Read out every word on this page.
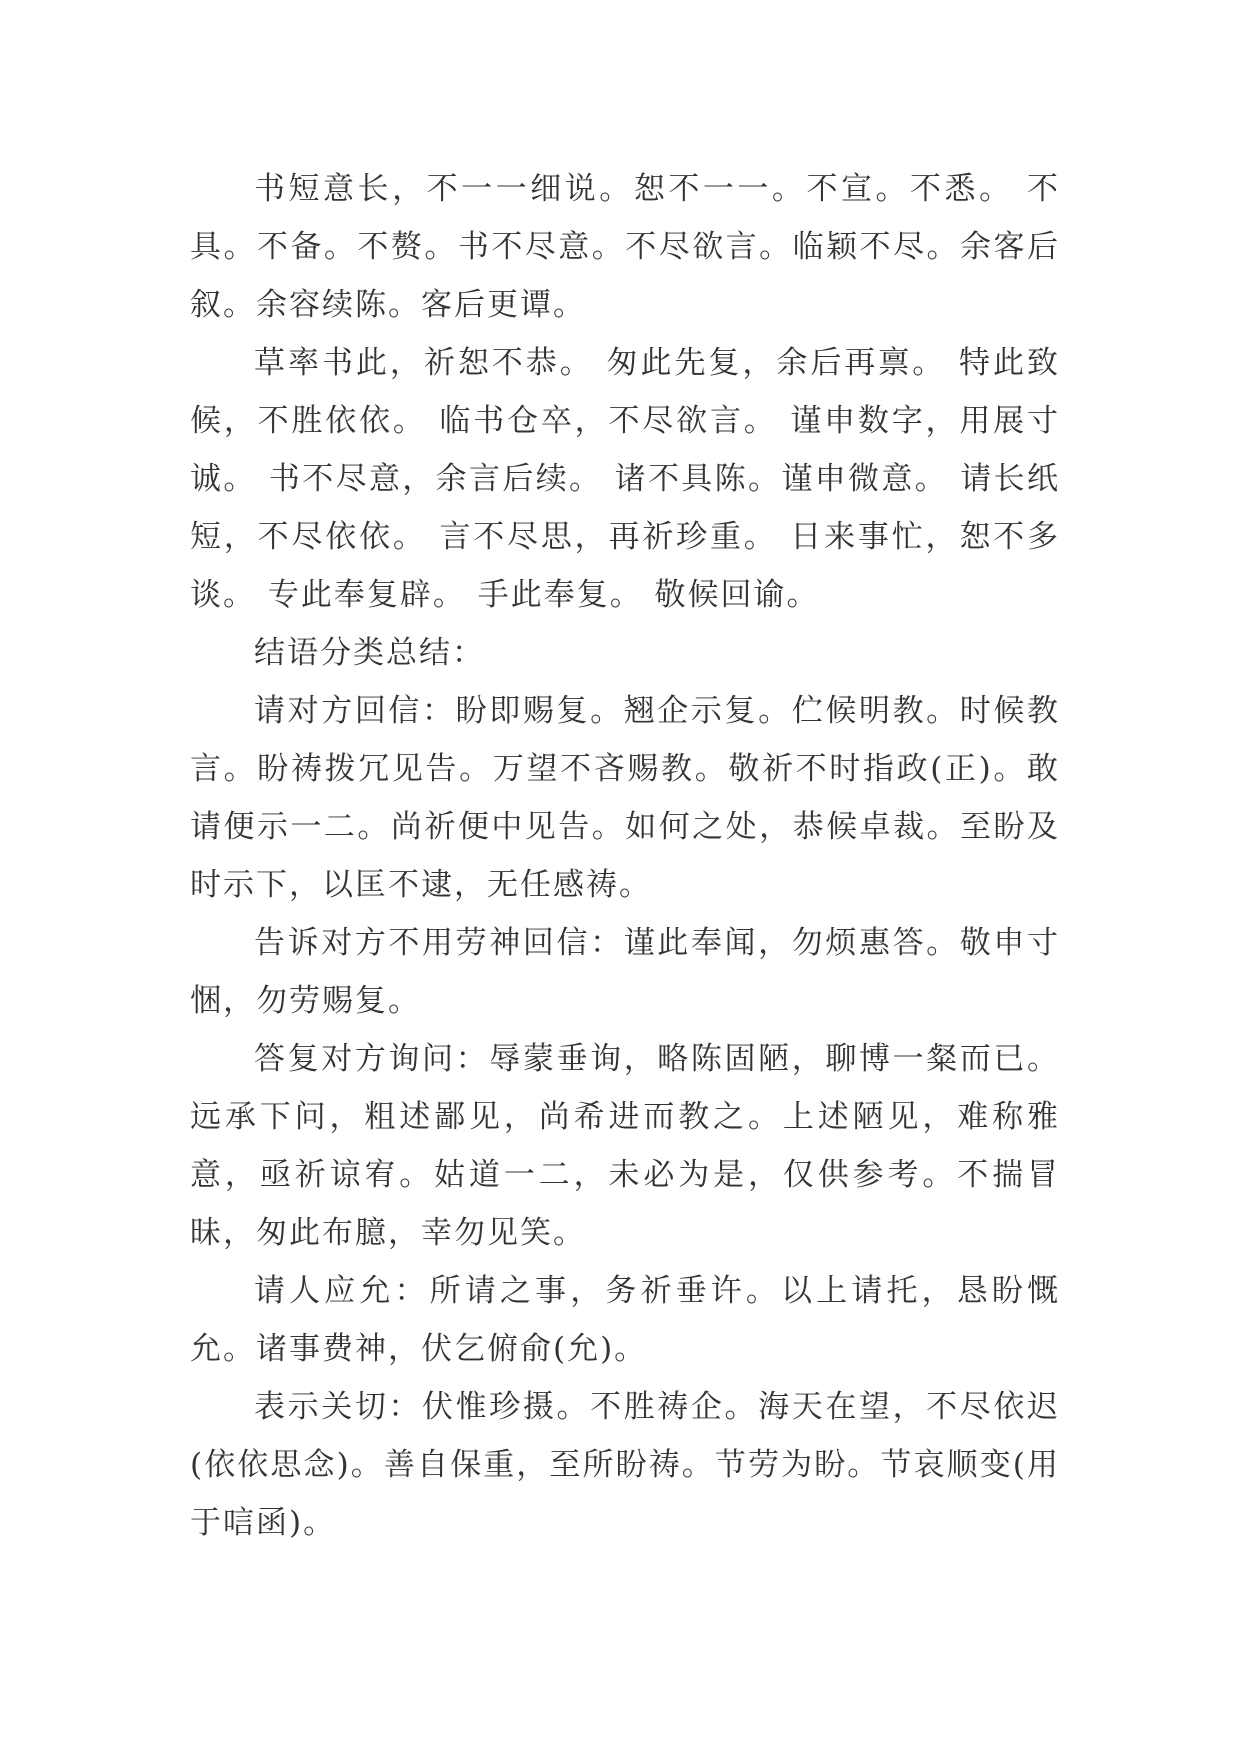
书短意长，不一一细说。恕不一一。不宣。不悉。 不具。不备。不赘。书不尽意。不尽欲言。临颖不尽。余客后叙。余容续陈。客后更谭。

草率书此，祈恕不恭。 匆此先复，余后再禀。 特此致候，不胜依依。 临书仓卒，不尽欲言。 谨申数字，用展寸诚。 书不尽意，余言后续。 诸不具陈。谨申微意。 请长纸短，不尽依依。 言不尽思，再祈珍重。 日来事忙，恕不多谈。 专此奉复辟。 手此奉复。 敬候回谕。

结语分类总结：

请对方回信：盼即赐复。翘企示复。伫候明教。时候教言。盼祷拨冗见告。万望不吝赐教。敬祈不时指政(正)。敢请便示一二。尚祈便中见告。如何之处，恭候卓裁。至盼及时示下，以匡不逮，无任感祷。

告诉对方不用劳神回信：谨此奉闻，勿烦惠答。敬申寸悃，勿劳赐复。

答复对方询问：辱蒙垂询，略陈固陋，聊博一粲而已。远承下问，粗述鄙见，尚希进而教之。上述陋见，难称雅意，亟祈谅宥。姑道一二，未必为是，仅供参考。不揣冒昧，匆此布臆，幸勿见笑。

请人应允：所请之事，务祈垂许。以上请托，恳盼慨允。诸事费神，伏乞俯俞(允)。

表示关切：伏惟珍摄。不胜祷企。海天在望，不尽依迟(依依思念)。善自保重，至所盼祷。节劳为盼。节哀顺变(用于唁函)。
